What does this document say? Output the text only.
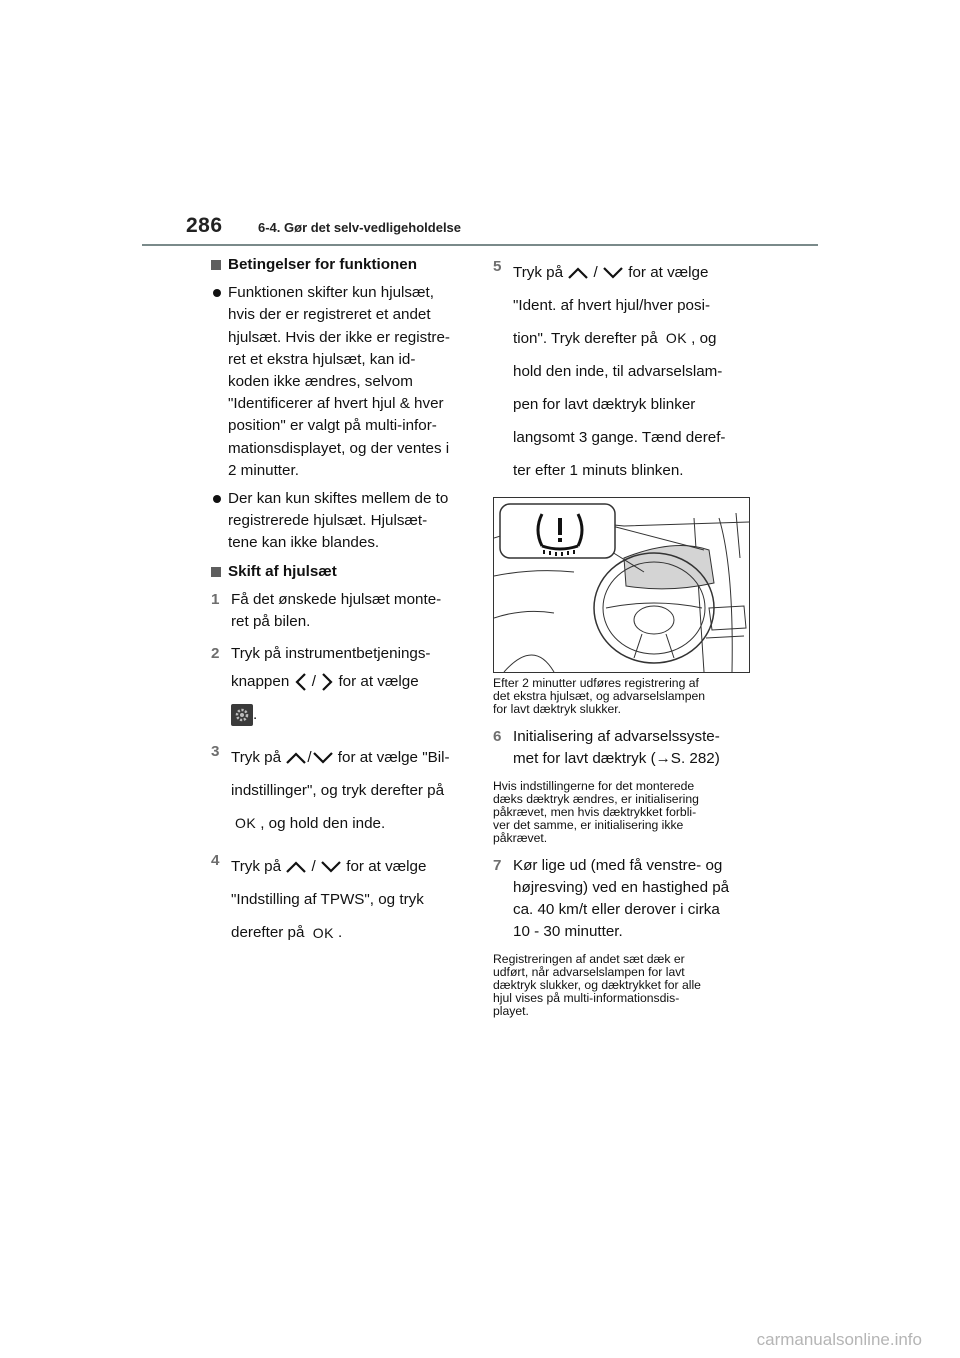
286	6-4. Gør det selv-vedligeholdelse
Betingelser for funktionen
Funktionen skifter kun hjulsæt,
hvis der er registreret et andet
hjulsæt. Hvis der ikke er registre-
ret et ekstra hjulsæt, kan id-
koden ikke ændres, selvom
"Identificerer af hvert hjul & hver
position" er valgt på multi-infor-
mationsdisplayet, og der ventes i
2 minutter.
Der kan kun skiftes mellem de to
registrerede hjulsæt. Hjulsæt-
tene kan ikke blandes.
Skift af hjulsæt
1 Få det ønskede hjulsæt monte-
ret på bilen.
2 Tryk på instrumentbetjenings-
knappen / for at vælge
.
3 Tryk på / for at vælge "Bil-
indstillinger", og tryk derefter på
OK , og hold den inde.
4 Tryk på / for at vælge
"Indstilling af TPWS", og tryk
derefter på OK .
5 Tryk på / for at vælge
"Ident. af hvert hjul/hver posi-
tion". Tryk derefter på OK , og
hold den inde, til advarselslam-
pen for lavt dæktryk blinker
langsomt 3 gange. Tænd deref-
ter efter 1 minuts blinken.
Efter 2 minutter udføres registrering af
det ekstra hjulsæt, og advarselslampen
for lavt dæktryk slukker.
6 Initialisering af advarselssyste-
met for lavt dæktryk (→S. 282)
Hvis indstillingerne for det monterede
dæks dæktryk ændres, er initialisering
påkrævet, men hvis dæktrykket forbli-
ver det samme, er initialisering ikke
påkrævet.
7 Kør lige ud (med få venstre- og
højresving) ved en hastighed på
ca. 40 km/t eller derover i cirka
10 - 30 minutter.
Registreringen af andet sæt dæk er
udført, når advarselslampen for lavt
dæktryk slukker, og dæktrykket for alle
hjul vises på multi-informationsdis-
playet.
carmanualsonline.info
